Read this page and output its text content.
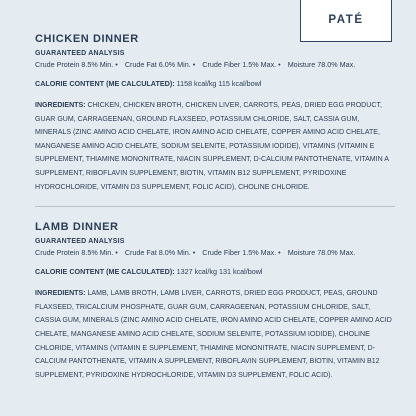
PATÉ
CHICKEN DINNER
GUARANTEED ANALYSIS
Crude Protein 8.5% Min. • Crude Fat 6.0% Min. • Crude Fiber 1.5% Max. • Moisture 78.0% Max.
CALORIE CONTENT (ME CALCULATED): 1158 kcal/kg 115 kcal/bowl
INGREDIENTS: CHICKEN, CHICKEN BROTH, CHICKEN LIVER, CARROTS, PEAS, DRIED EGG PRODUCT, GUAR GUM, CARRAGEENAN, GROUND FLAXSEED, POTASSIUM CHLORIDE, SALT, CASSIA GUM, MINERALS (ZINC AMINO ACID CHELATE, IRON AMINO ACID CHELATE, COPPER AMINO ACID CHELATE, MANGANESE AMINO ACID CHELATE, SODIUM SELENITE, POTASSIUM IODIDE), VITAMINS (VITAMIN E SUPPLEMENT, THIAMINE MONONITRATE, NIACIN SUPPLEMENT, D-CALCIUM PANTOTHENATE, VITAMIN A SUPPLEMENT, RIBOFLAVIN SUPPLEMENT, BIOTIN, VITAMIN B12 SUPPLEMENT, PYRIDOXINE HYDROCHLORIDE, VITAMIN D3 SUPPLEMENT, FOLIC ACID), CHOLINE CHLORIDE.
LAMB DINNER
GUARANTEED ANALYSIS
Crude Protein 8.5% Min. • Crude Fat 8.0% Min. • Crude Fiber 1.5% Max. • Moisture 78.0% Max.
CALORIE CONTENT (ME CALCULATED): 1327 kcal/kg 131 kcal/bowl
INGREDIENTS: LAMB, LAMB BROTH, LAMB LIVER, CARROTS, DRIED EGG PRODUCT, PEAS, GROUND FLAXSEED, TRICALCIUM PHOSPHATE, GUAR GUM, CARRAGEENAN, POTASSIUM CHLORIDE, SALT, CASSIA GUM, MINERALS (ZINC AMINO ACID CHELATE, IRON AMINO ACID CHELATE, COPPER AMINO ACID CHELATE, MANGANESE AMINO ACID CHELATE, SODIUM SELENITE, POTASSIUM IODIDE), CHOLINE CHLORIDE, VITAMINS (VITAMIN E SUPPLEMENT, THIAMINE MONONITRATE, NIACIN SUPPLEMENT, D-CALCIUM PANTOTHENATE, VITAMIN A SUPPLEMENT, RIBOFLAVIN SUPPLEMENT, BIOTIN, VITAMIN B12 SUPPLEMENT, PYRIDOXINE HYDROCHLORIDE, VITAMIN D3 SUPPLEMENT, FOLIC ACID).
